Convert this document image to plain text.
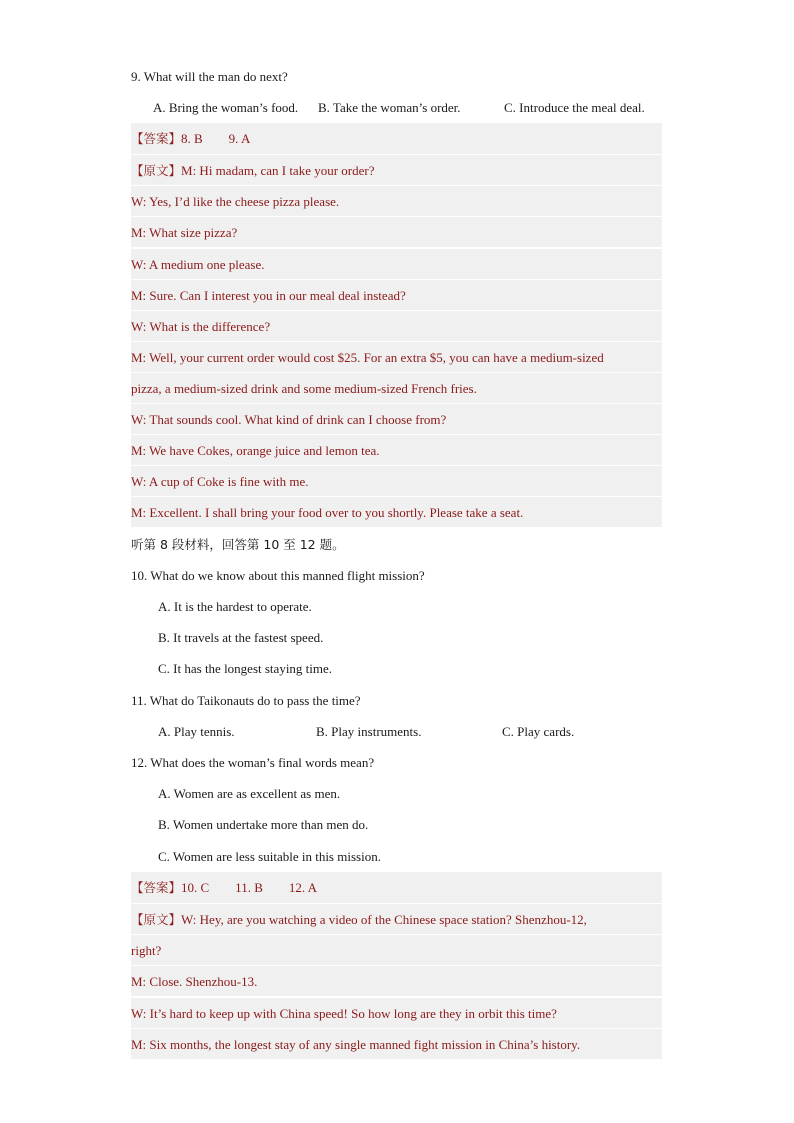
9. What will the man do next?
A. Bring the woman’s food. B. Take the woman’s order.	C. Introduce the meal deal.
【答案】8. B        9. A
【原文】M: Hi madam, can I take your order?
W: Yes, I’d like the cheese pizza please.
M: What size pizza?
W: A medium one please.
M: Sure. Can I interest you in our meal deal instead?
W: What is the difference?
M: Well, your current order would cost $25. For an extra $5, you can have a medium-sized
pizza, a medium-sized drink and some medium-sized French fries.
W: That sounds cool. What kind of drink can I choose from?
M: We have Cokes, orange juice and lemon tea.
W: A cup of Coke is fine with me.
M: Excellent. I shall bring your food over to you shortly. Please take a seat.
听第 8 段材料，回答第 10 至 12 题。
10. What do we know about this manned flight mission?
A. It is the hardest to operate.
B. It travels at the fastest speed.
C. It has the longest staying time.
11. What do Taikonauts do to pass the time?
A. Play tennis.	B. Play instruments.	C. Play cards.
12. What does the woman’s final words mean?
A. Women are as excellent as men.
B. Women undertake more than men do.
C. Women are less suitable in this mission.
【答案】10. C        11. B        12. A
【原文】W: Hey, are you watching a video of the Chinese space station? Shenzhou-12,
right?
M: Close. Shenzhou-13.
W: It’s hard to keep up with China speed! So how long are they in orbit this time?
M: Six months, the longest stay of any single manned fight mission in China’s history.
